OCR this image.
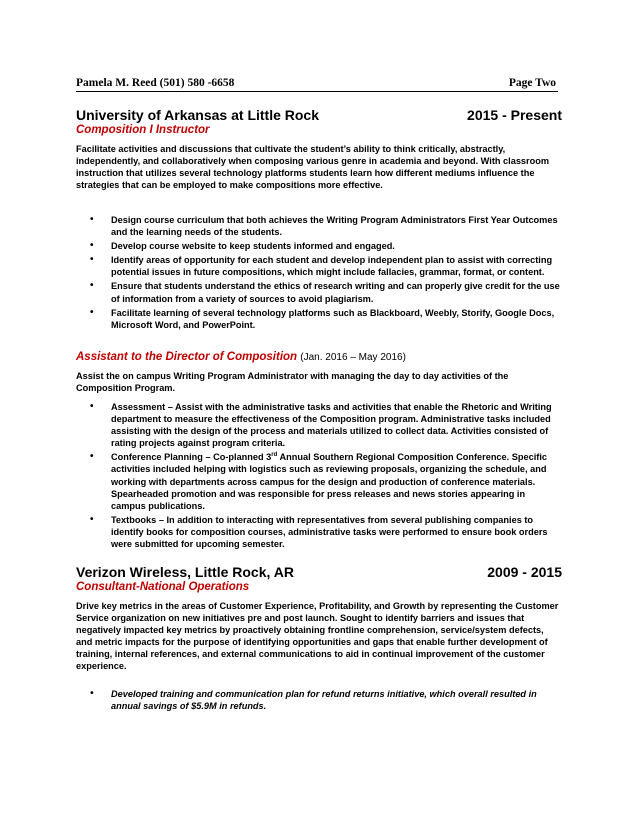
Pamela M. Reed (501) 580 -6658	Page Two
University of Arkansas at Little Rock	2015 - Present
Composition I Instructor
Facilitate activities and discussions that cultivate the student’s ability to think critically, abstractly, independently, and collaboratively when composing various genre in academia and beyond. With classroom instruction that utilizes several technology platforms students learn how different mediums influence the strategies that can be employed to make compositions more effective.
• Design course curriculum that both achieves the Writing Program Administrators First Year Outcomes and the learning needs of the students.
• Develop course website to keep students informed and engaged.
• Identify areas of opportunity for each student and develop independent plan to assist with correcting potential issues in future compositions, which might include fallacies, grammar, format, or content.
• Ensure that students understand the ethics of research writing and can properly give credit for the use of information from a variety of sources to avoid plagiarism.
• Facilitate learning of several technology platforms such as Blackboard, Weebly, Storify, Google Docs, Microsoft Word, and PowerPoint.
Assistant to the Director of Composition (Jan. 2016 – May 2016)
Assist the on campus Writing Program Administrator with managing the day to day activities of the Composition Program.
• Assessment – Assist with the administrative tasks and activities that enable the Rhetoric and Writing department to measure the effectiveness of the Composition program. Administrative tasks included assisting with the design of the process and materials utilized to collect data. Activities consisted of rating projects against program criteria.
• Conference Planning – Co-planned 3rd Annual Southern Regional Composition Conference. Specific activities included helping with logistics such as reviewing proposals, organizing the schedule, and working with departments across campus for the design and production of conference materials. Spearheaded promotion and was responsible for press releases and news stories appearing in campus publications.
• Textbooks – In addition to interacting with representatives from several publishing companies to identify books for composition courses, administrative tasks were performed to ensure book orders were submitted for upcoming semester.
Verizon Wireless, Little Rock, AR	2009 - 2015
Consultant-National Operations
Drive key metrics in the areas of Customer Experience, Profitability, and Growth by representing the Customer Service organization on new initiatives pre and post launch. Sought to identify barriers and issues that negatively impacted key metrics by proactively obtaining frontline comprehension, service/system defects, and metric impacts for the purpose of identifying opportunities and gaps that enable further development of training, internal references, and external communications to aid in continual improvement of the customer experience.
• Developed training and communication plan for refund returns initiative, which overall resulted in annual savings of $5.9M in refunds.
